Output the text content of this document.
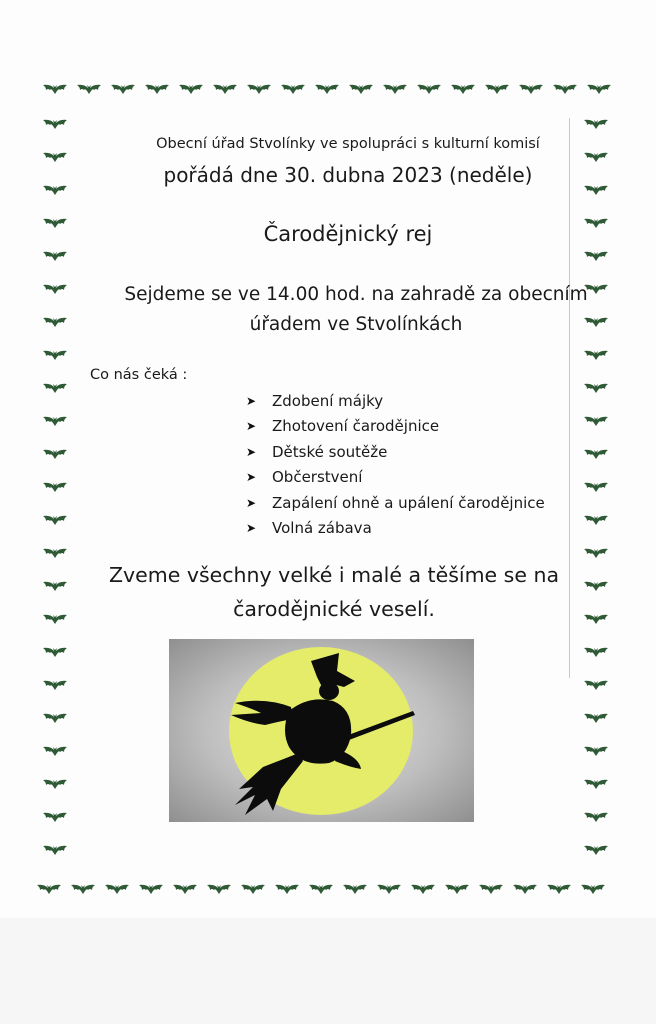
Obecní úřad Stvolínky ve spolupráci s kulturní komisí
pořádá dne 30. dubna 2023 (neděle)
Čarodějnický rej
Sejdeme se ve 14.00 hod. na zahradě za obecním
úřadem ve Stvolínkách
Co nás čeká :
➤	Zdobení májky
➤	Zhotovení čarodějnice
➤	Dětské soutěže
➤	Občerstvení
➤	Zapálení ohně a upálení čarodějnice
➤	Volná zábava
Zveme všechny velké i malé a těšíme se na
čarodějnické veselí.
